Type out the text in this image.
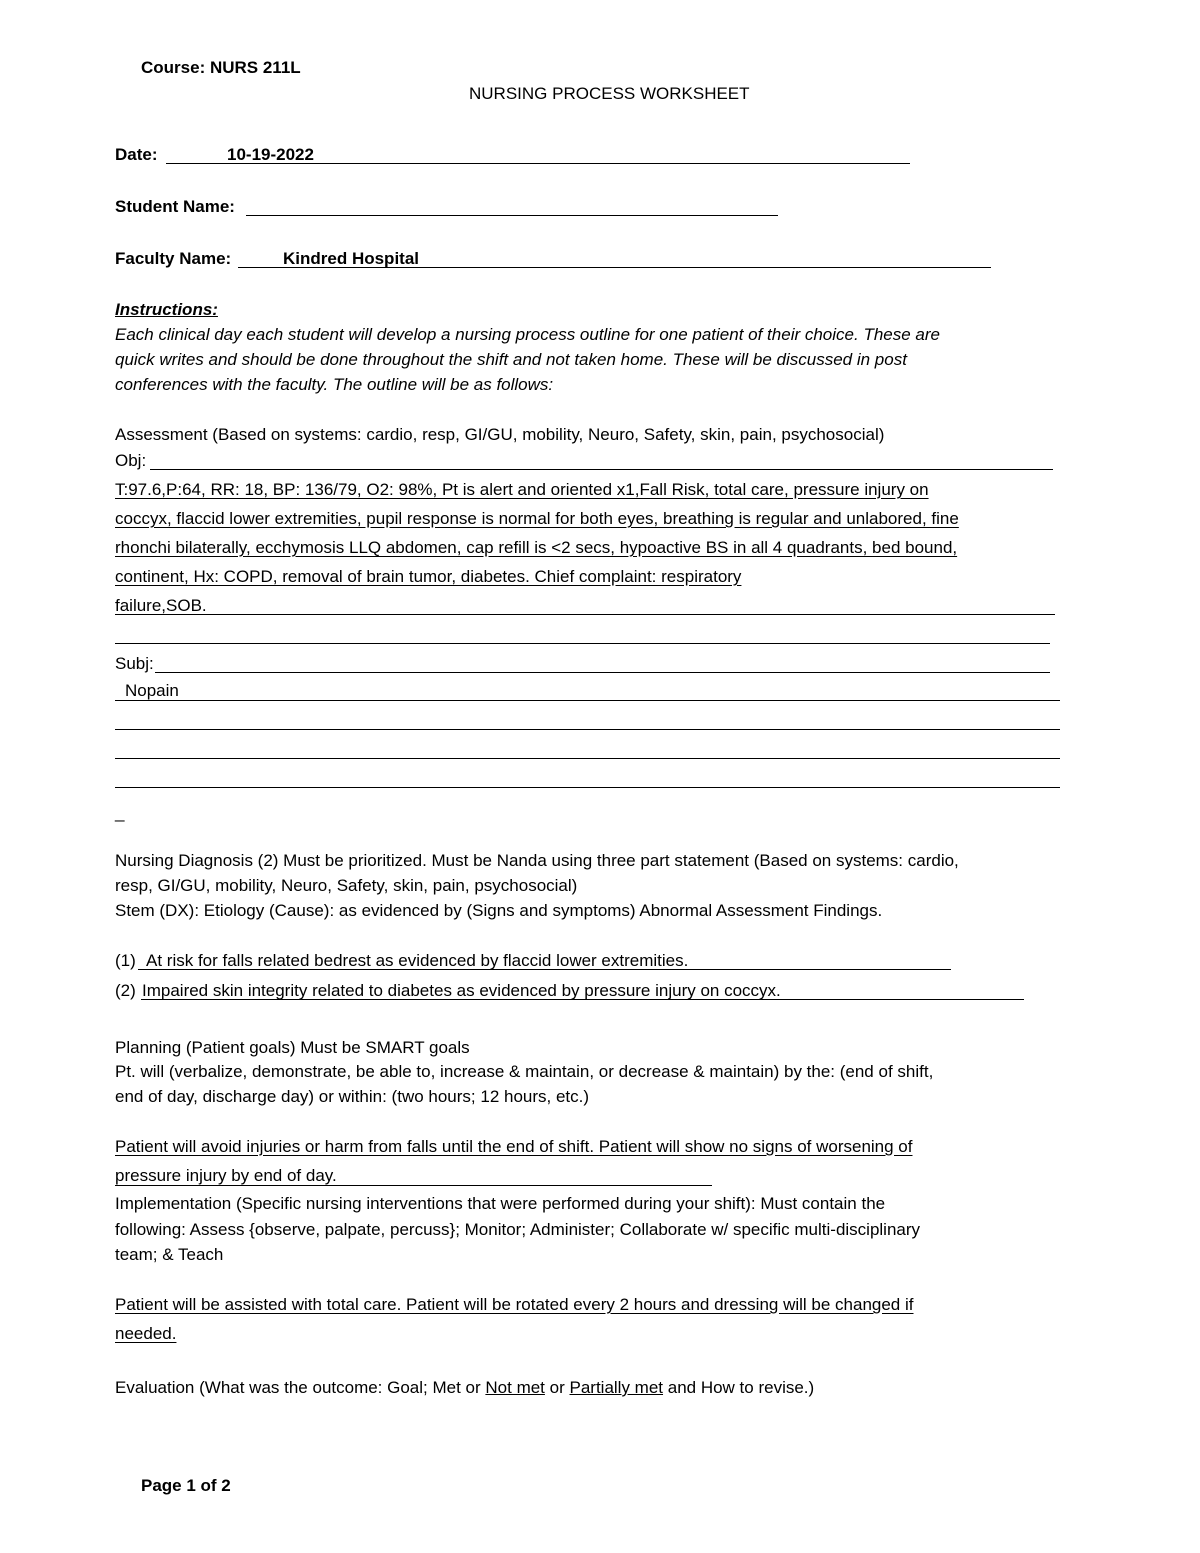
Course: NURS 211L
NURSING PROCESS WORKSHEET
Date:	10-19-2022
Student Name:
Faculty Name:	Kindred Hospital
Instructions:
Each clinical day each student will develop a nursing process outline for one patient of their choice. These are
quick writes and should be done throughout the shift and not taken home. These will be discussed in post
conferences with the faculty. The outline will be as follows:
Assessment (Based on systems: cardio, resp, GI/GU, mobility, Neuro, Safety, skin, pain, psychosocial)
Obj:
T:97.6,P:64, RR: 18, BP: 136/79, O2: 98%, Pt is alert and oriented x1,Fall Risk, total care, pressure injury on
coccyx, flaccid lower extremities, pupil response is normal for both eyes, breathing is regular and unlabored, fine
rhonchi bilaterally, ecchymosis LLQ abdomen, cap refill is <2 secs, hypoactive BS in all 4 quadrants, bed bound,
continent, Hx: COPD, removal of brain tumor, diabetes. Chief complaint: respiratory
failure,SOB.
Subj:
Nopain
_
Nursing Diagnosis (2) Must be prioritized. Must be Nanda using three part statement (Based on systems: cardio,
resp, GI/GU, mobility, Neuro, Safety, skin, pain, psychosocial)
Stem (DX): Etiology (Cause): as evidenced by (Signs and symptoms) Abnormal Assessment Findings.
(1) At risk for falls related bedrest as evidenced by flaccid lower extremities.
(2) Impaired skin integrity related to diabetes as evidenced by pressure injury on coccyx.
Planning (Patient goals) Must be SMART goals
Pt. will (verbalize, demonstrate, be able to, increase & maintain, or decrease & maintain) by the: (end of shift,
end of day, discharge day) or within: (two hours; 12 hours, etc.)
Patient will avoid injuries or harm from falls until the end of shift. Patient will show no signs of worsening of
pressure injury by end of day.
Implementation (Specific nursing interventions that were performed during your shift): Must contain the
following: Assess {observe, palpate, percuss}; Monitor; Administer; Collaborate w/ specific multi-disciplinary
team; & Teach
Patient will be assisted with total care. Patient will be rotated every 2 hours and dressing will be changed if
needed.
Evaluation (What was the outcome: Goal; Met or Not met or Partially met and How to revise.)
Page 1 of 2
